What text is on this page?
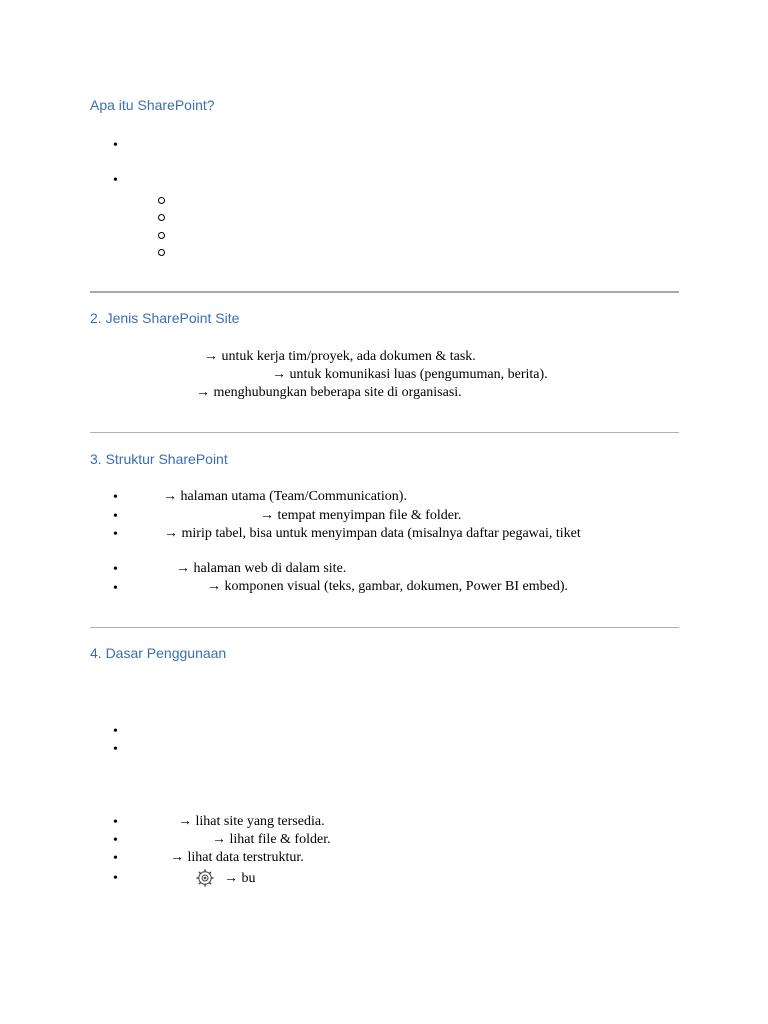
Apa itu SharePoint?
•
•
2. Jenis SharePoint Site
→ untuk kerja tim/proyek, ada dokumen & task.
→ untuk komunikasi luas (pengumuman, berita).
→ menghubungkan beberapa site di organisasi.
3. Struktur SharePoint
•	→ halaman utama (Team/Communication).
•	→ tempat menyimpan file & folder.
•	→ mirip tabel, bisa untuk menyimpan data (misalnya daftar pegawai, tiket
•	→ halaman web di dalam site.
•	→ komponen visual (teks, gambar, dokumen, Power BI embed).
4. Dasar Penggunaan
•
•
•	→ lihat site yang tersedia.
•	→ lihat file & folder.
•	→ lihat data terstruktur.
•	→ bu
